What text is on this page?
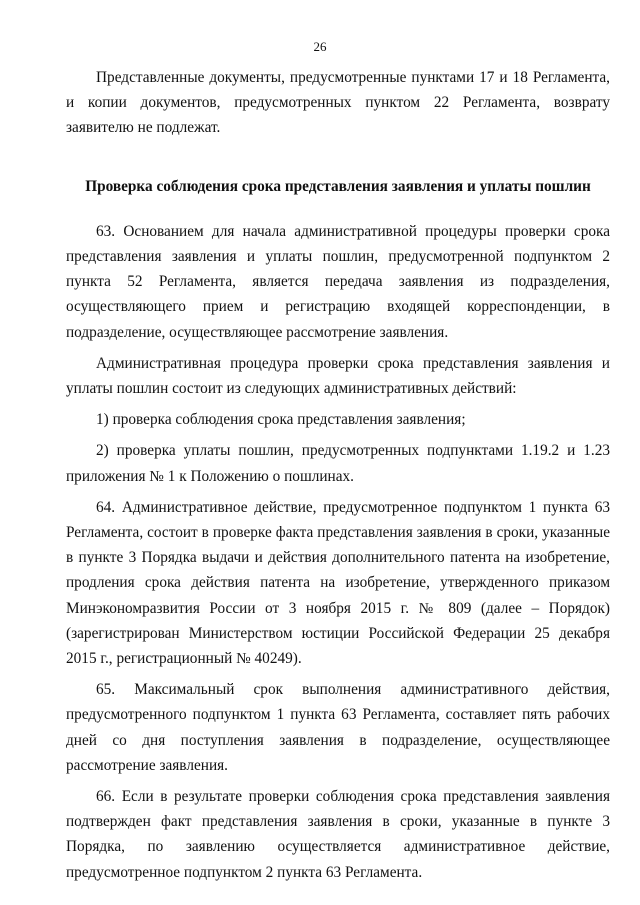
26

Представленные документы, предусмотренные пунктами 17 и 18 Регламента, и копии документов, предусмотренных пунктом 22 Регламента, возврату заявителю не подлежат.

Проверка соблюдения срока представления заявления и уплаты пошлин

63. Основанием для начала административной процедуры проверки срока представления заявления и уплаты пошлин, предусмотренной подпунктом 2 пункта 52 Регламента, является передача заявления из подразделения, осуществляющего прием и регистрацию входящей корреспонденции, в подразделение, осуществляющее рассмотрение заявления.

Административная процедура проверки срока представления заявления и уплаты пошлин состоит из следующих административных действий:

1) проверка соблюдения срока представления заявления;

2) проверка уплаты пошлин, предусмотренных подпунктами 1.19.2 и 1.23 приложения № 1 к Положению о пошлинах.

64. Административное действие, предусмотренное подпунктом 1 пункта 63 Регламента, состоит в проверке факта представления заявления в сроки, указанные в пункте 3 Порядка выдачи и действия дополнительного патента на изобретение, продления срока действия патента на изобретение, утвержденного приказом Минэкономразвития России от 3 ноября 2015 г. № 809 (далее – Порядок) (зарегистрирован Министерством юстиции Российской Федерации 25 декабря 2015 г., регистрационный № 40249).

65. Максимальный срок выполнения административного действия, предусмотренного подпунктом 1 пункта 63 Регламента, составляет пять рабочих дней со дня поступления заявления в подразделение, осуществляющее рассмотрение заявления.

66. Если в результате проверки соблюдения срока представления заявления подтвержден факт представления заявления в сроки, указанные в пункте 3 Порядка, по заявлению осуществляется административное действие, предусмотренное подпунктом 2 пункта 63 Регламента.
